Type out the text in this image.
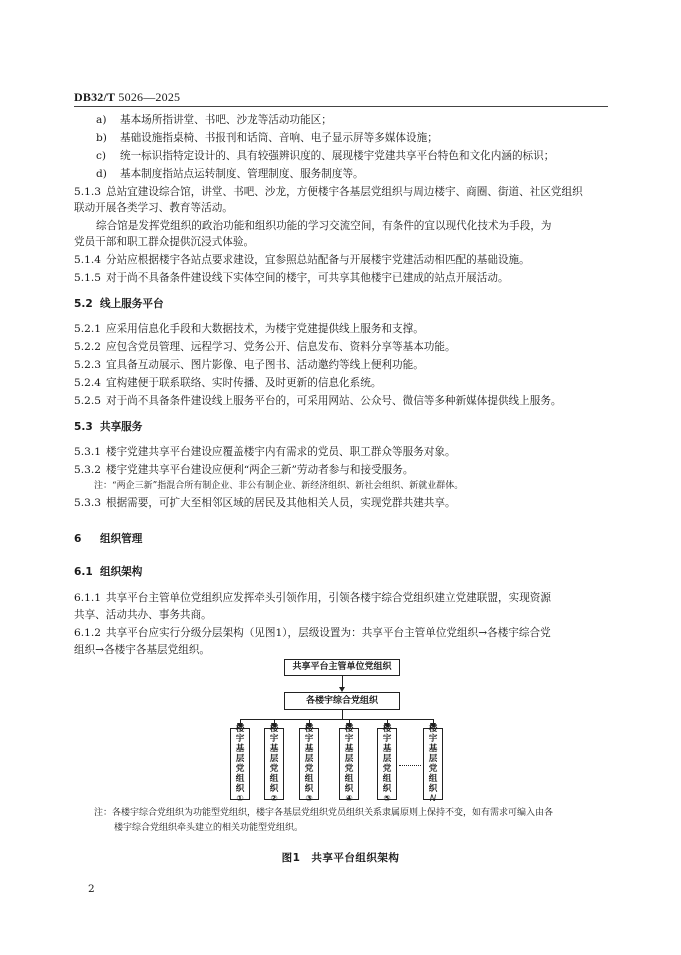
DB32/T 5026—2025
a) 基本场所指讲堂、书吧、沙龙等活动功能区；
b) 基础设施指桌椅、书报刊和话筒、音响、电子显示屏等多媒体设施；
c) 统一标识指特定设计的、具有较强辨识度的、展现楼宇党建共享平台特色和文化内涵的标识；
d) 基本制度指站点运转制度、管理制度、服务制度等。
5.1.3 总站宜建设综合馆，讲堂、书吧、沙龙，方便楼宇各基层党组织与周边楼宇、商圈、街道、社区党组织
联动开展各类学习、教育等活动。
综合馆是发挥党组织的政治功能和组织功能的学习交流空间，有条件的宜以现代化技术为手段，为
党员干部和职工群众提供沉浸式体验。
5.1.4 分站应根据楼宇各站点要求建设，宜参照总站配备与开展楼宇党建活动相匹配的基础设施。
5.1.5 对于尚不具备条件建设线下实体空间的楼宇，可共享其他楼宇已建成的站点开展活动。
5.2 线上服务平台
5.2.1 应采用信息化手段和大数据技术，为楼宇党建提供线上服务和支撑。
5.2.2 应包含党员管理、远程学习、党务公开、信息发布、资料分享等基本功能。
5.2.3 宜具备互动展示、图片影像、电子图书、活动邀约等线上便利功能。
5.2.4 宜构建便于联系联络、实时传播、及时更新的信息化系统。
5.2.5 对于尚不具备条件建设线上服务平台的，可采用网站、公众号、微信等多种新媒体提供线上服务。
5.3 共享服务
5.3.1 楼宇党建共享平台建设应覆盖楼宇内有需求的党员、职工群众等服务对象。
5.3.2 楼宇党建共享平台建设应便利“两企三新”劳动者参与和接受服务。
注：“两企三新”指混合所有制企业、非公有制企业、新经济组织、新社会组织、新就业群体。
5.3.3 根据需要，可扩大至相邻区域的居民及其他相关人员，实现党群共建共享。
6 组织管理
6.1 组织架构
6.1.1 共享平台主管单位党组织应发挥牵头引领作用，引领各楼宇综合党组织建立党建联盟，实现资源
共享、活动共办、事务共商。
6.1.2 共享平台应实行分级分层架构（见图1），层级设置为：共享平台主管单位党组织→各楼宇综合党
组织→各楼宇各基层党组织。
共享平台主管单位党组织
各楼宇综合党组织
楼
宇
基
层
党
组
织
①
楼
宇
基
层
党
组
织
②
楼
宇
基
层
党
组
织
③
楼
宇
基
层
党
组
织
④
楼
宇
基
层
党
组
织
⑤
楼
宇
基
层
党
组
织
N
注：各楼宇综合党组织为功能型党组织，楼宇各基层党组织党员组织关系隶属原则上保持不变，如有需求可编入由各
图1　共享平台组织架构
楼宇综合党组织牵头建立的相关功能型党组织。
2
